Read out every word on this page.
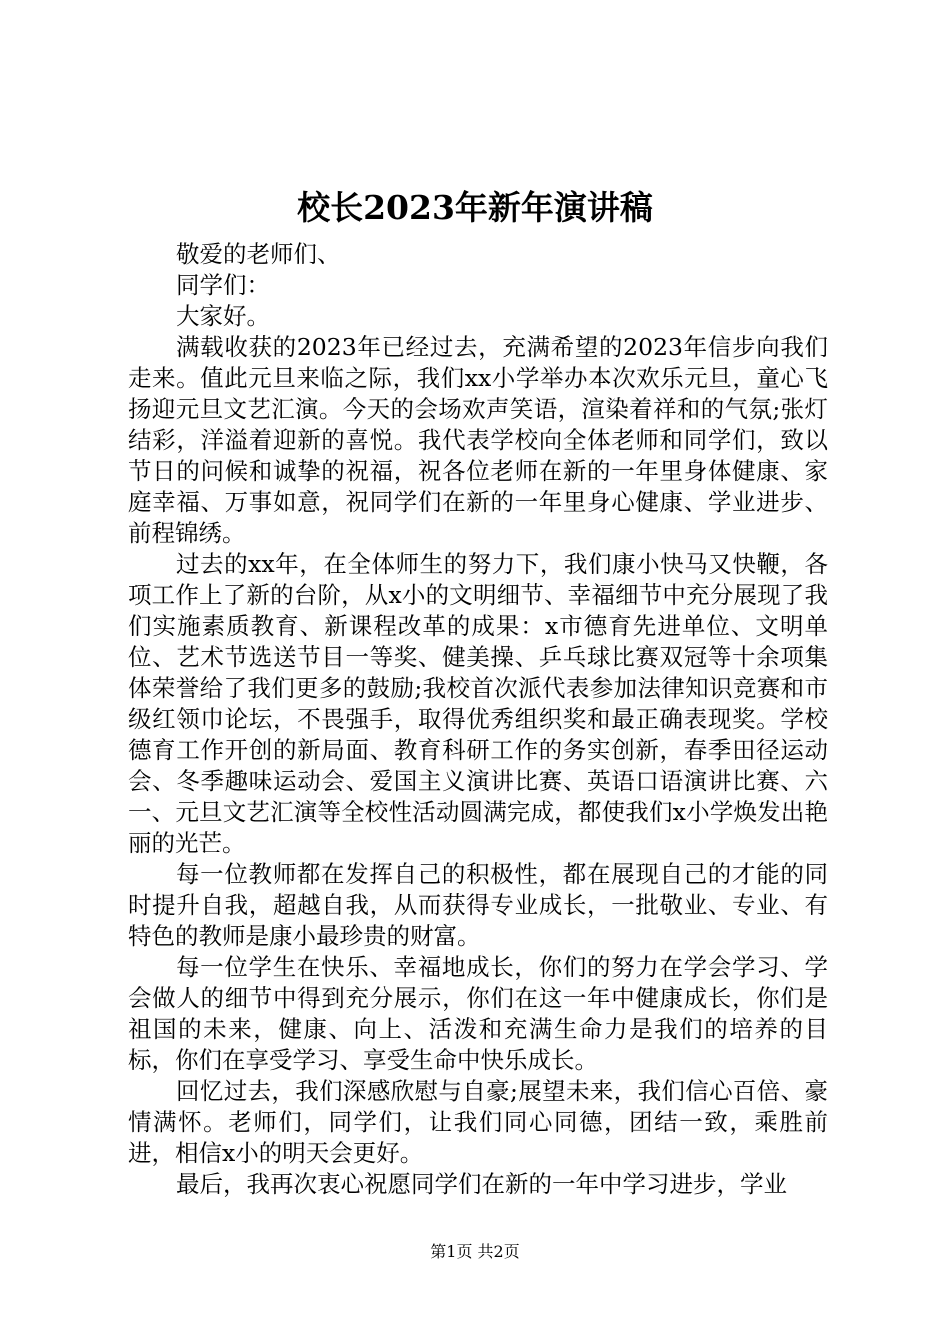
校长2023年新年演讲稿

敬爱的老师们、

同学们：

大家好。

满载收获的2023年已经过去，充满希望的2023年信步向我们走来。值此元旦来临之际，我们xx小学举办本次欢乐元旦，童心飞扬迎元旦文艺汇演。今天的会场欢声笑语，渲染着祥和的气氛;张灯结彩，洋溢着迎新的喜悦。我代表学校向全体老师和同学们，致以节日的问候和诚挚的祝福，祝各位老师在新的一年里身体健康、家庭幸福、万事如意，祝同学们在新的一年里身心健康、学业进步、前程锦绣。

过去的xx年，在全体师生的努力下，我们康小快马又快鞭，各项工作上了新的台阶，从x小的文明细节、幸福细节中充分展现了我们实施素质教育、新课程改革的成果：x市德育先进单位、文明单位、艺术节选送节目一等奖、健美操、乒乓球比赛双冠等十余项集体荣誉给了我们更多的鼓励;我校首次派代表参加法律知识竞赛和市级红领巾论坛，不畏强手，取得优秀组织奖和最正确表现奖。学校德育工作开创的新局面、教育科研工作的务实创新，春季田径运动会、冬季趣味运动会、爱国主义演讲比赛、英语口语演讲比赛、六一、元旦文艺汇演等全校性活动圆满完成，都使我们x小学焕发出艳丽的光芒。

每一位教师都在发挥自己的积极性，都在展现自己的才能的同时提升自我，超越自我，从而获得专业成长，一批敬业、专业、有特色的教师是康小最珍贵的财富。

每一位学生在快乐、幸福地成长，你们的努力在学会学习、学会做人的细节中得到充分展示，你们在这一年中健康成长，你们是祖国的未来，健康、向上、活泼和充满生命力是我们的培养的目标，你们在享受学习、享受生命中快乐成长。

回忆过去，我们深感欣慰与自豪;展望未来，我们信心百倍、豪情满怀。老师们，同学们，让我们同心同德，团结一致，乘胜前进，相信x小的明天会更好。

最后，我再次衷心祝愿同学们在新的一年中学习进步，学业

第1页 共2页
